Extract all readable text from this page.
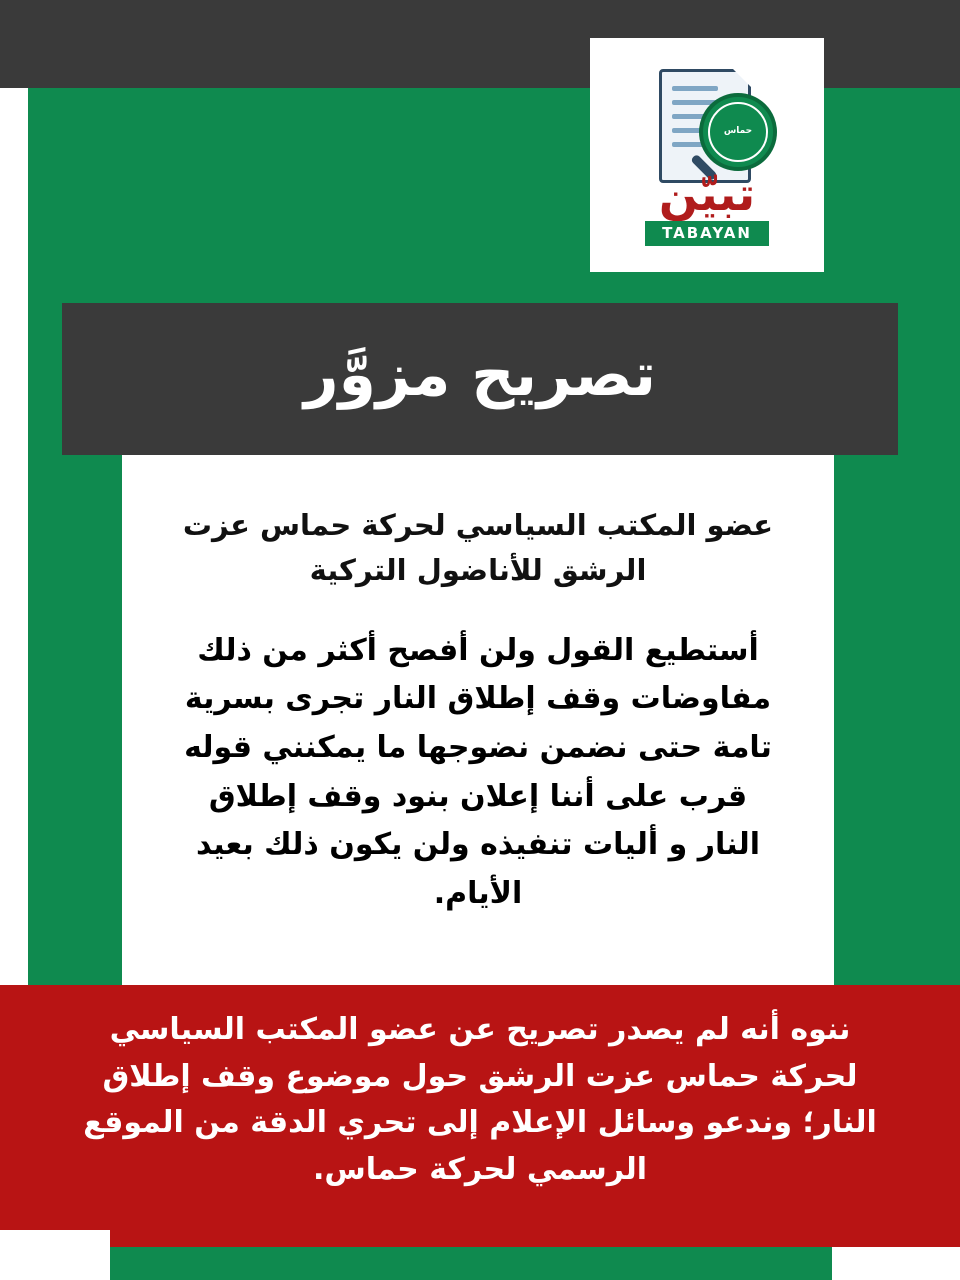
حماس
تبيّن
TABAYAN
تصريح مزوَّر

عضو المكتب السياسي لحركة حماس عزت الرشق للأناضول التركية

أستطيع القول ولن أفصح أكثر من ذلك مفاوضات وقف إطلاق النار تجرى بسرية تامة حتى نضمن نضوجها ما يمكنني قوله قرب على أننا إعلان بنود وقف إطلاق النار و أليات تنفيذه ولن يكون ذلك بعيد الأيام.

ننوه أنه لم يصدر تصريح عن عضو المكتب السياسي لحركة حماس عزت الرشق حول موضوع وقف إطلاق النار؛ وندعو وسائل الإعلام إلى تحري الدقة من الموقع الرسمي لحركة حماس.
